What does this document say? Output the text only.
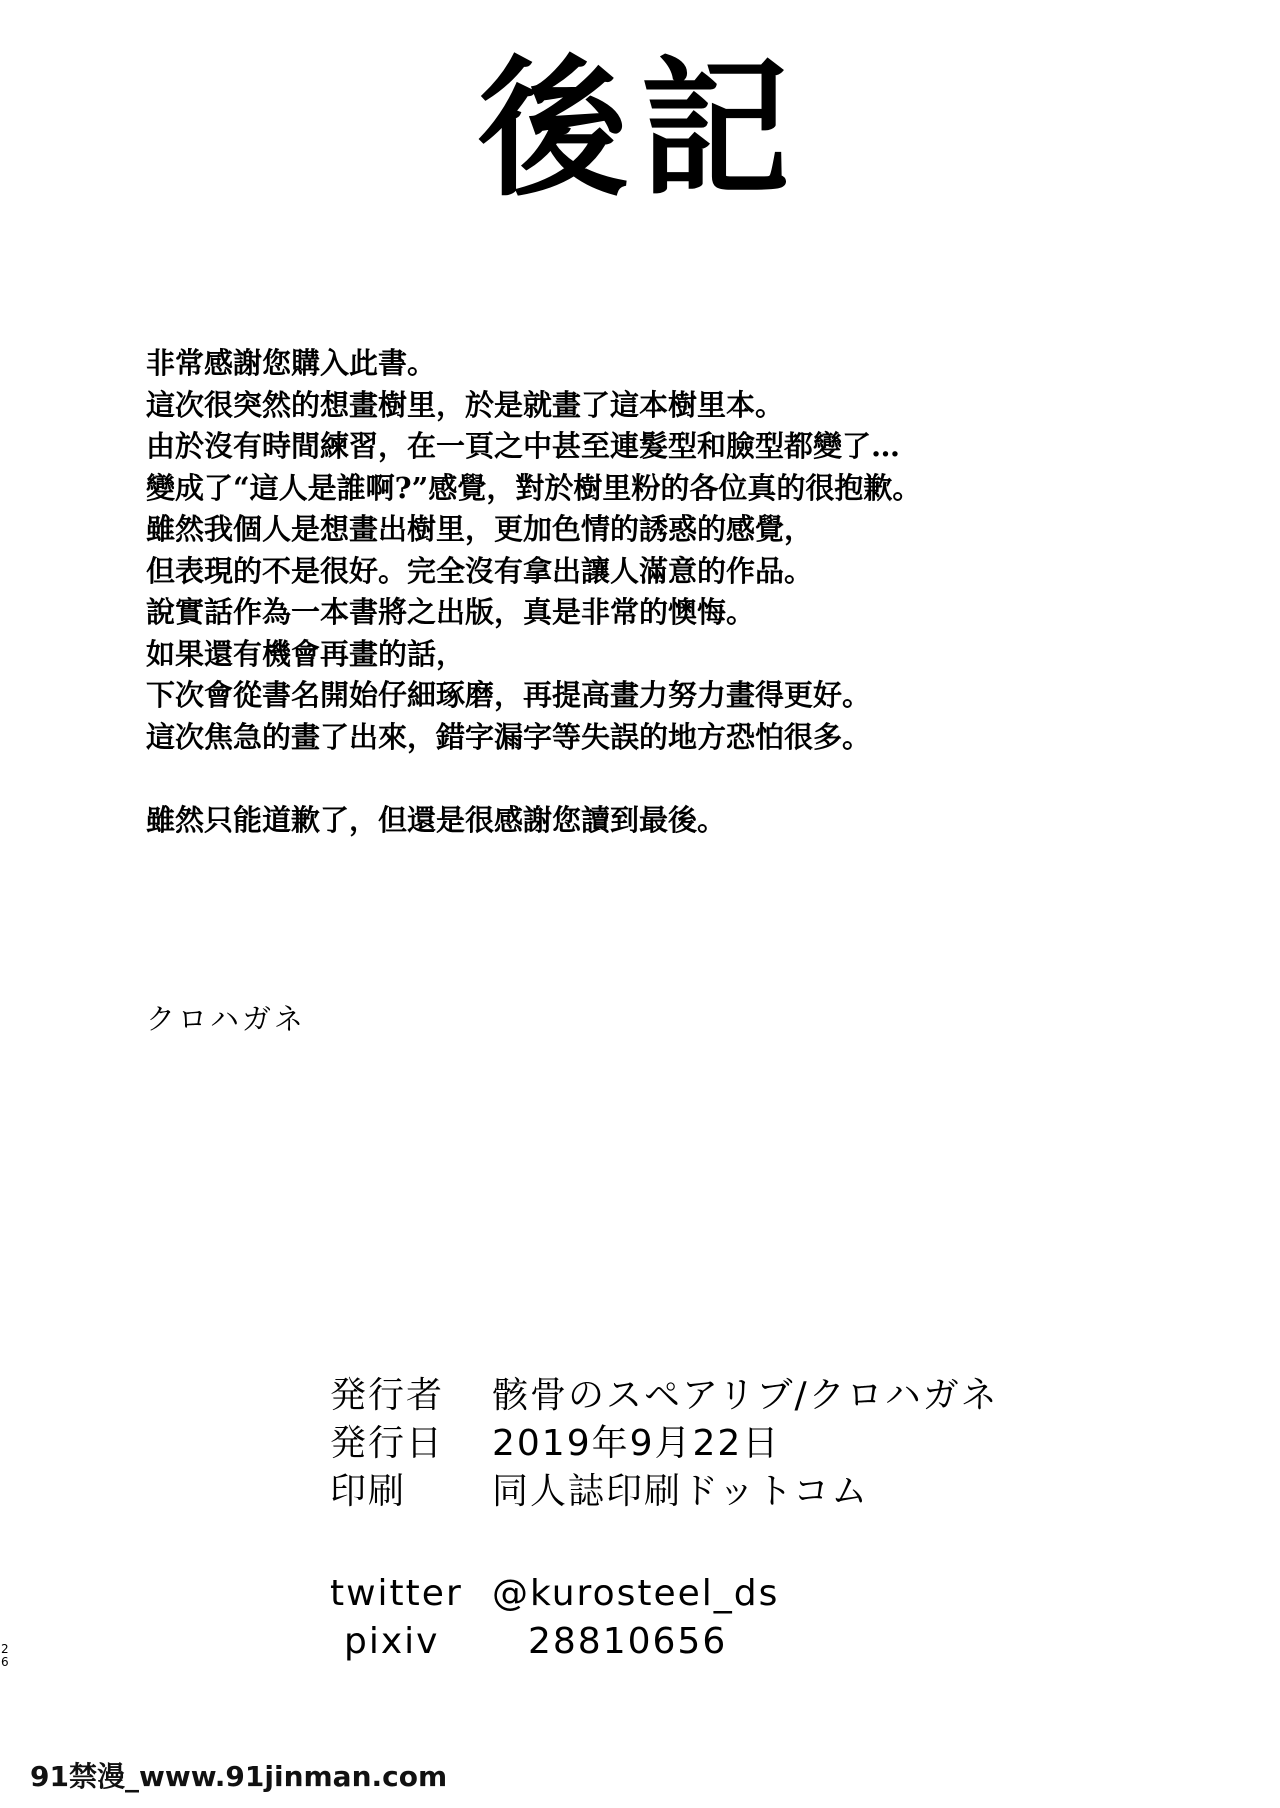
後記
非常感謝您購入此書。
這次很突然的想畫樹里，於是就畫了這本樹里本。
由於沒有時間練習，在一頁之中甚至連髮型和臉型都變了…
變成了“這人是誰啊?”感覺，對於樹里粉的各位真的很抱歉。
雖然我個人是想畫出樹里，更加色情的誘惑的感覺，
但表現的不是很好。完全沒有拿出讓人滿意的作品。
說實話作為一本書將之出版，真是非常的懊悔。
如果還有機會再畫的話，
下次會從書名開始仔細琢磨，再提高畫力努力畫得更好。
這次焦急的畫了出來，錯字漏字等失誤的地方恐怕很多。
雖然只能道歉了，但還是很感謝您讀到最後。
クロハガネ
発行者	骸骨のスペアリブ/クロハガネ
発行日	2019年9月22日
印刷	同人誌印刷ドットコム
twitter @kurosteel_ds
pixiv	28810656
26
91禁漫_www.91jinman.com
